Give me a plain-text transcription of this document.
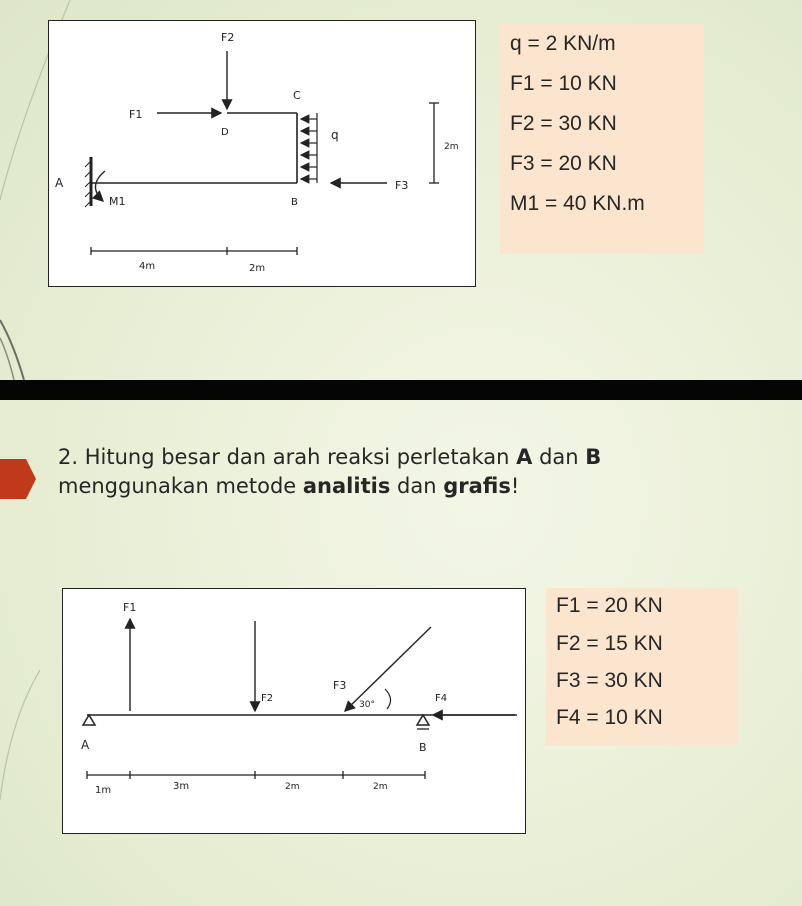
F2
C
F1
D	q
2m
A
M1
F3
B
4m	2m
q = 2 KN/m
F1 = 10 KN
F2 = 30 KN
F3 = 20 KN
M1 = 40 KN.m
2. Hitung besar dan arah reaksi perletakan A dan B
menggunakan metode analitis dan grafis!
F1
F2
F3
30°
F4
A	B
1m	3m	2m	2m
F1 = 20 KN
F2 = 15 KN
F3 = 30 KN
F4 = 10 KN
